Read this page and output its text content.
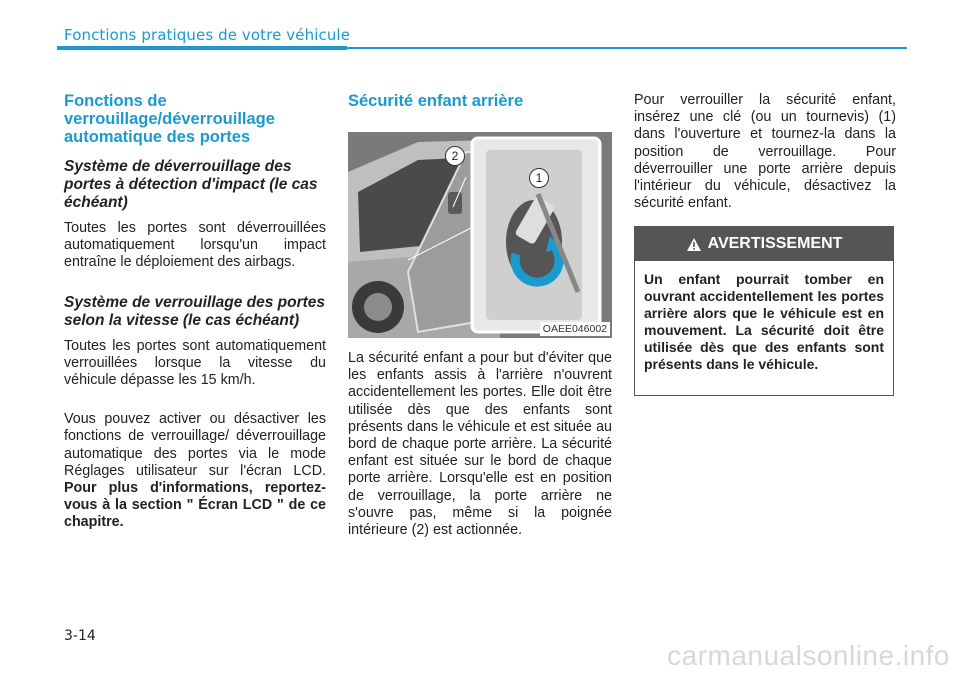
Fonctions pratiques de votre véhicule
Fonctions de verrouillage/déverrouillage automatique des portes
Système de déverrouillage des portes à détection d'impact (le cas échéant)

Toutes les portes sont déverrouillées automatiquement lorsqu'un impact entraîne le déploiement des airbags.

Système de verrouillage des portes selon la vitesse (le cas échéant)

Toutes les portes sont automatiquement verrouillées lorsque la vitesse du véhicule dépasse les 15 km/h.

Vous pouvez activer ou désactiver les fonctions de verrouillage/ déverrouillage automatique des portes via le mode Réglages utilisateur sur l'écran LCD. Pour plus d'informations, reportez-vous à la section " Écran LCD " de ce chapitre.

Sécurité enfant arrière
2
1
OAEE046002

La sécurité enfant a pour but d'éviter que les enfants assis à l'arrière n'ouvrent accidentellement les portes. Elle doit être utilisée dès que des enfants sont présents dans le véhicule et est située au bord de chaque porte arrière. La sécurité enfant est située sur le bord de chaque porte arrière. Lorsqu'elle est en position de verrouillage, la porte arrière ne s'ouvre pas, même si la poignée intérieure (2) est actionnée.

Pour verrouiller la sécurité enfant, insérez une clé (ou un tournevis) (1) dans l'ouverture et tournez-la dans la position de verrouillage. Pour déverrouiller une porte arrière depuis l'intérieur du véhicule, désactivez la sécurité enfant.

AVERTISSEMENT
Un enfant pourrait tomber en ouvrant accidentellement les portes arrière alors que le véhicule est en mouvement. La sécurité doit être utilisée dès que des enfants sont présents dans le véhicule.
3-14
carmanualsonline.info
